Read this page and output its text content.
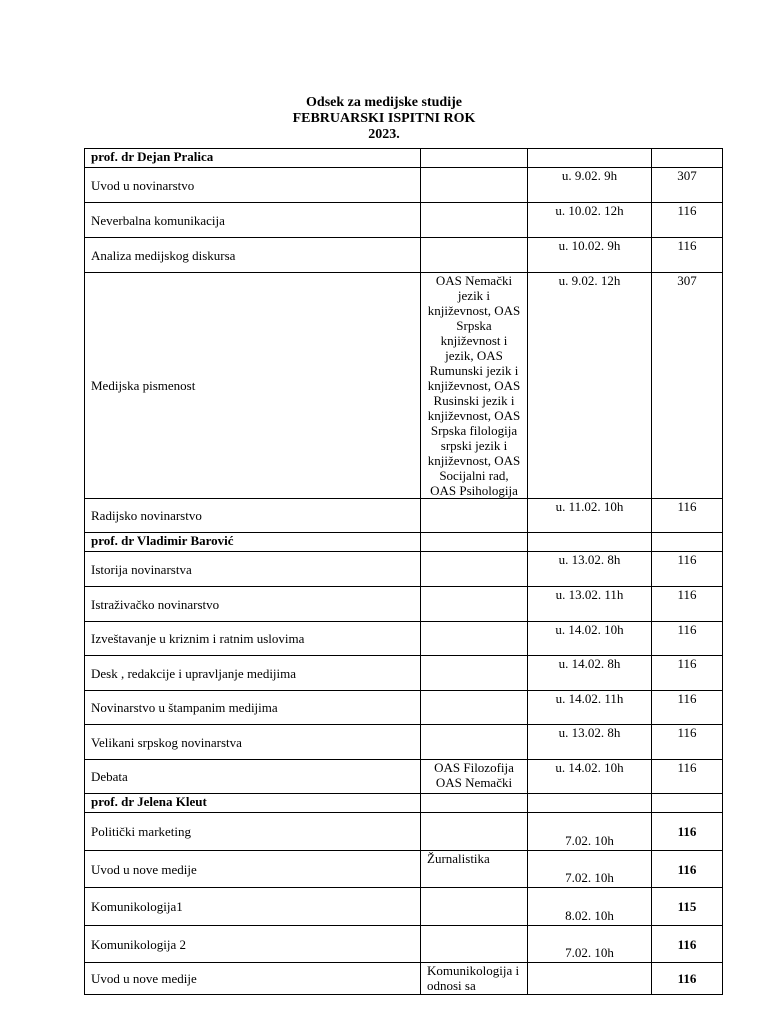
Odsek za medijske studije
FEBRUARSKI ISPITNI ROK
2023.
prof. dr Dejan Pralica			
Uvod u novinarstvo		u. 9.02. 9h	307
Neverbalna komunikacija		u. 10.02. 12h	116
Analiza medijskog diskursa		u. 10.02. 9h	116
Medijska pismenost	OAS Nemački jezik i književnost, OAS Srpska književnost i jezik, OAS Rumunski jezik i književnost, OAS Rusinski jezik i književnost, OAS Srpska filologija srpski jezik i književnost, OAS Socijalni rad, OAS Psihologija	u. 9.02. 12h	307
Radijsko novinarstvo		u. 11.02. 10h	116
prof. dr Vladimir Barović			
Istorija novinarstva		u. 13.02. 8h	116
Istraživačko novinarstvo		u. 13.02. 11h	116
Izveštavanje u kriznim i ratnim uslovima		u. 14.02. 10h	116
Desk , redakcije i upravljanje medijima		u. 14.02. 8h	116
Novinarstvo u štampanim medijima		u. 14.02. 11h	116
Velikani srpskog novinarstva		u. 13.02. 8h	116
Debata	OAS Filozofija OAS Nemački	u. 14.02. 10h	116
prof. dr Jelena Kleut			
Politički marketing		7.02. 10h	116
Uvod u nove medije	Žurnalistika	7.02. 10h	116
Komunikologija1		8.02. 10h	115
Komunikologija 2		7.02. 10h	116
Uvod u nove medije	Komunikologija i odnosi sa		116
